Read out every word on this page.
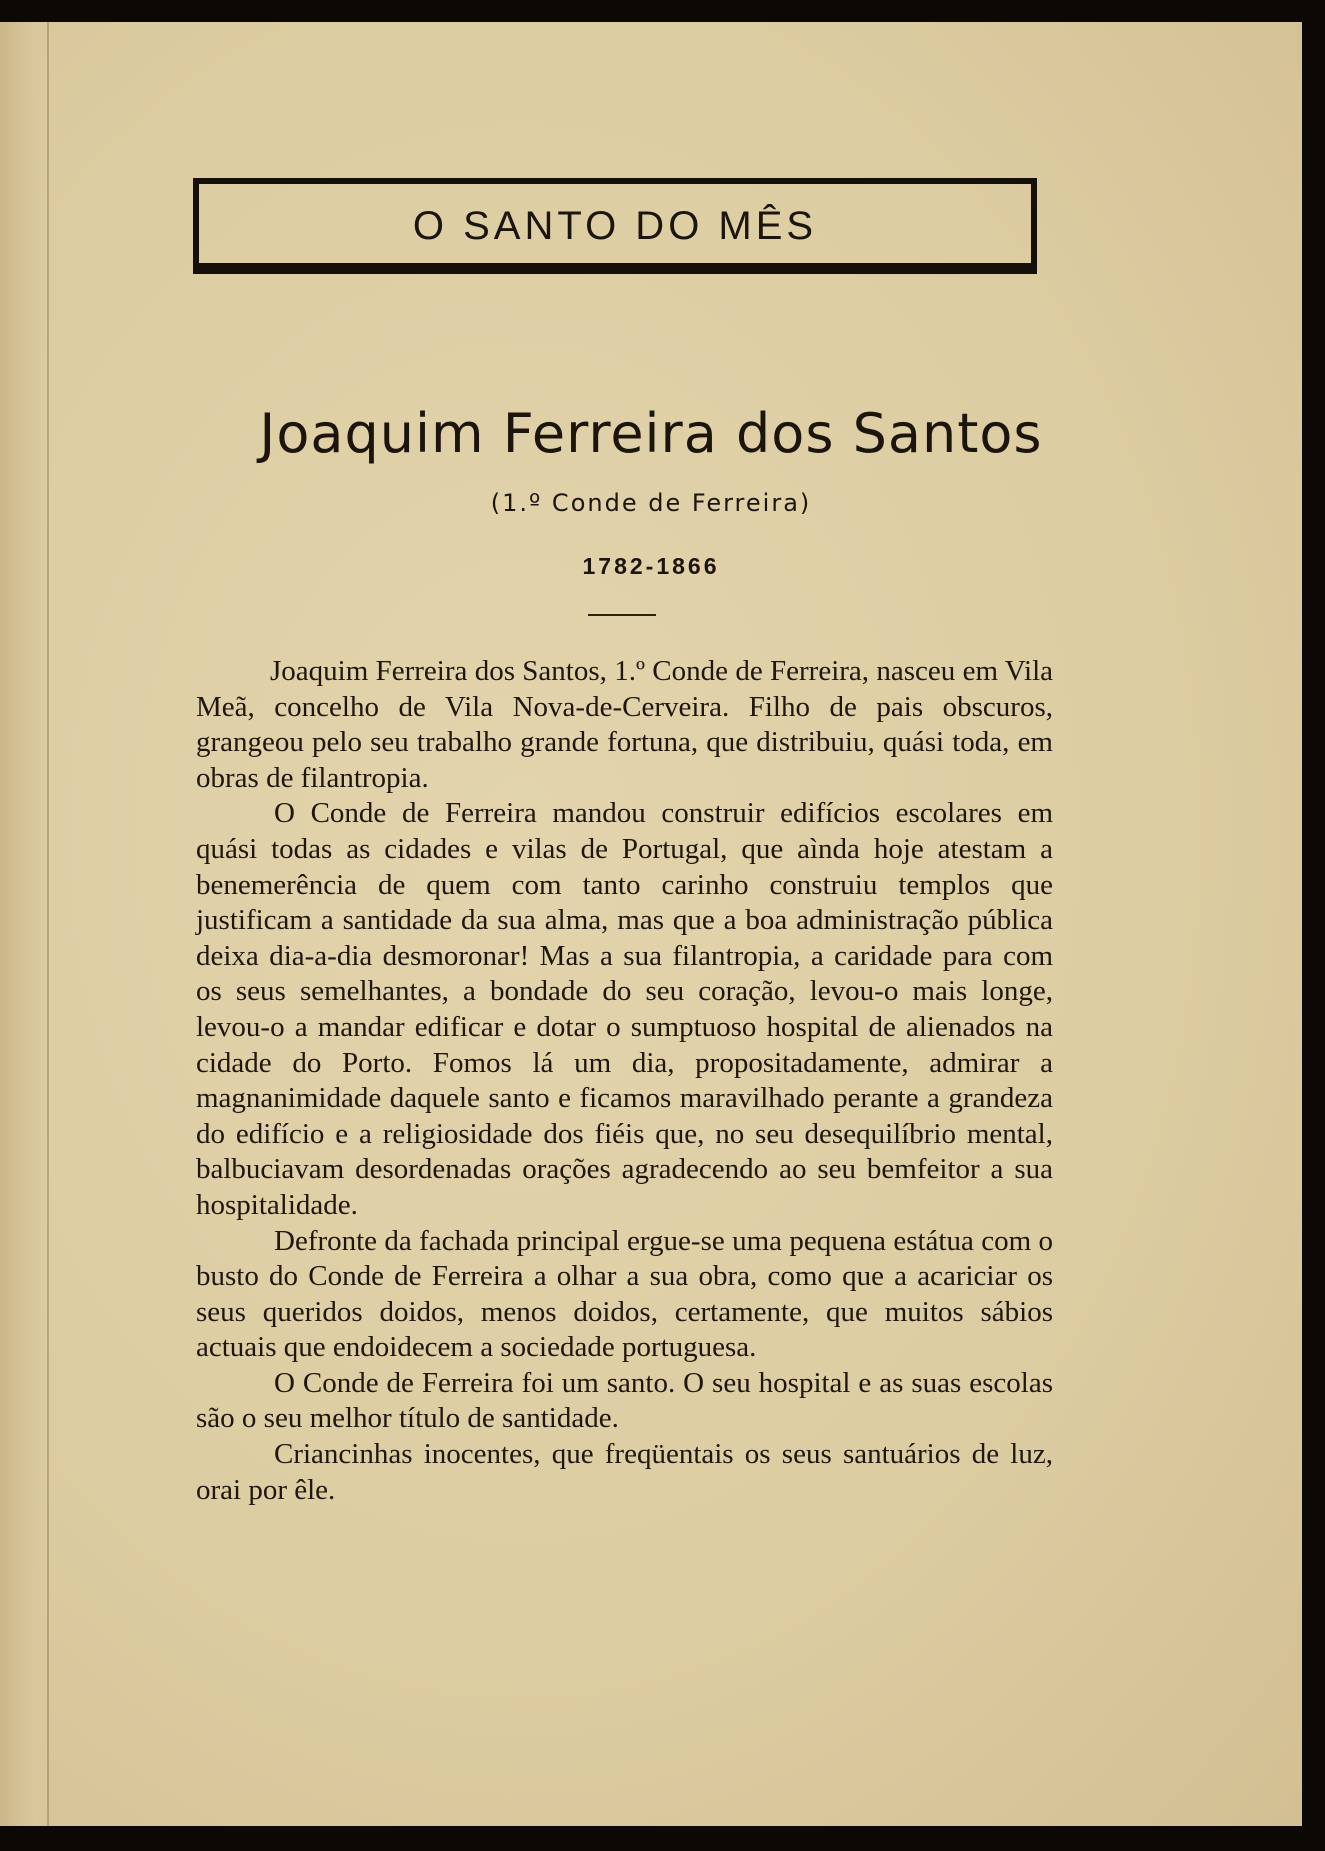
O SANTO DO MÊS
Joaquim Ferreira dos Santos
(1.º Conde de Ferreira)
1782-1866

Joaquim Ferreira dos Santos, 1.º Conde de Ferreira, nasceu em Vila Meã, concelho de Vila Nova-de-Cerveira. Filho de pais obscuros, grangeou pelo seu trabalho grande fortuna, que distribuiu, quási toda, em obras de filantropia.

O Conde de Ferreira mandou construir edifícios escolares em quási todas as cidades e vilas de Portugal, que aìnda hoje atestam a benemerência de quem com tanto carinho construiu templos que justificam a santidade da sua alma, mas que a boa administração pública deixa dia-a-dia desmoronar! Mas a sua filantropia, a caridade para com os seus semelhantes, a bondade do seu coração, levou-o mais longe, levou-o a mandar edificar e dotar o sumptuoso hospital de alienados na cidade do Porto. Fomos lá um dia, propositadamente, admirar a magnanimidade daquele santo e ficamos maravilhado perante a grandeza do edifício e a religiosidade dos fiéis que, no seu desequilíbrio mental, balbuciavam desordenadas orações agradecendo ao seu bemfeitor a sua hospitalidade.

Defronte da fachada principal ergue-se uma pequena estátua com o busto do Conde de Ferreira a olhar a sua obra, como que a acariciar os seus queridos doidos, menos doidos, certamente, que muitos sábios actuais que endoidecem a sociedade portuguesa.

O Conde de Ferreira foi um santo. O seu hospital e as suas escolas são o seu melhor título de santidade.

Criancinhas inocentes, que freqüentais os seus santuários de luz, orai por êle.
